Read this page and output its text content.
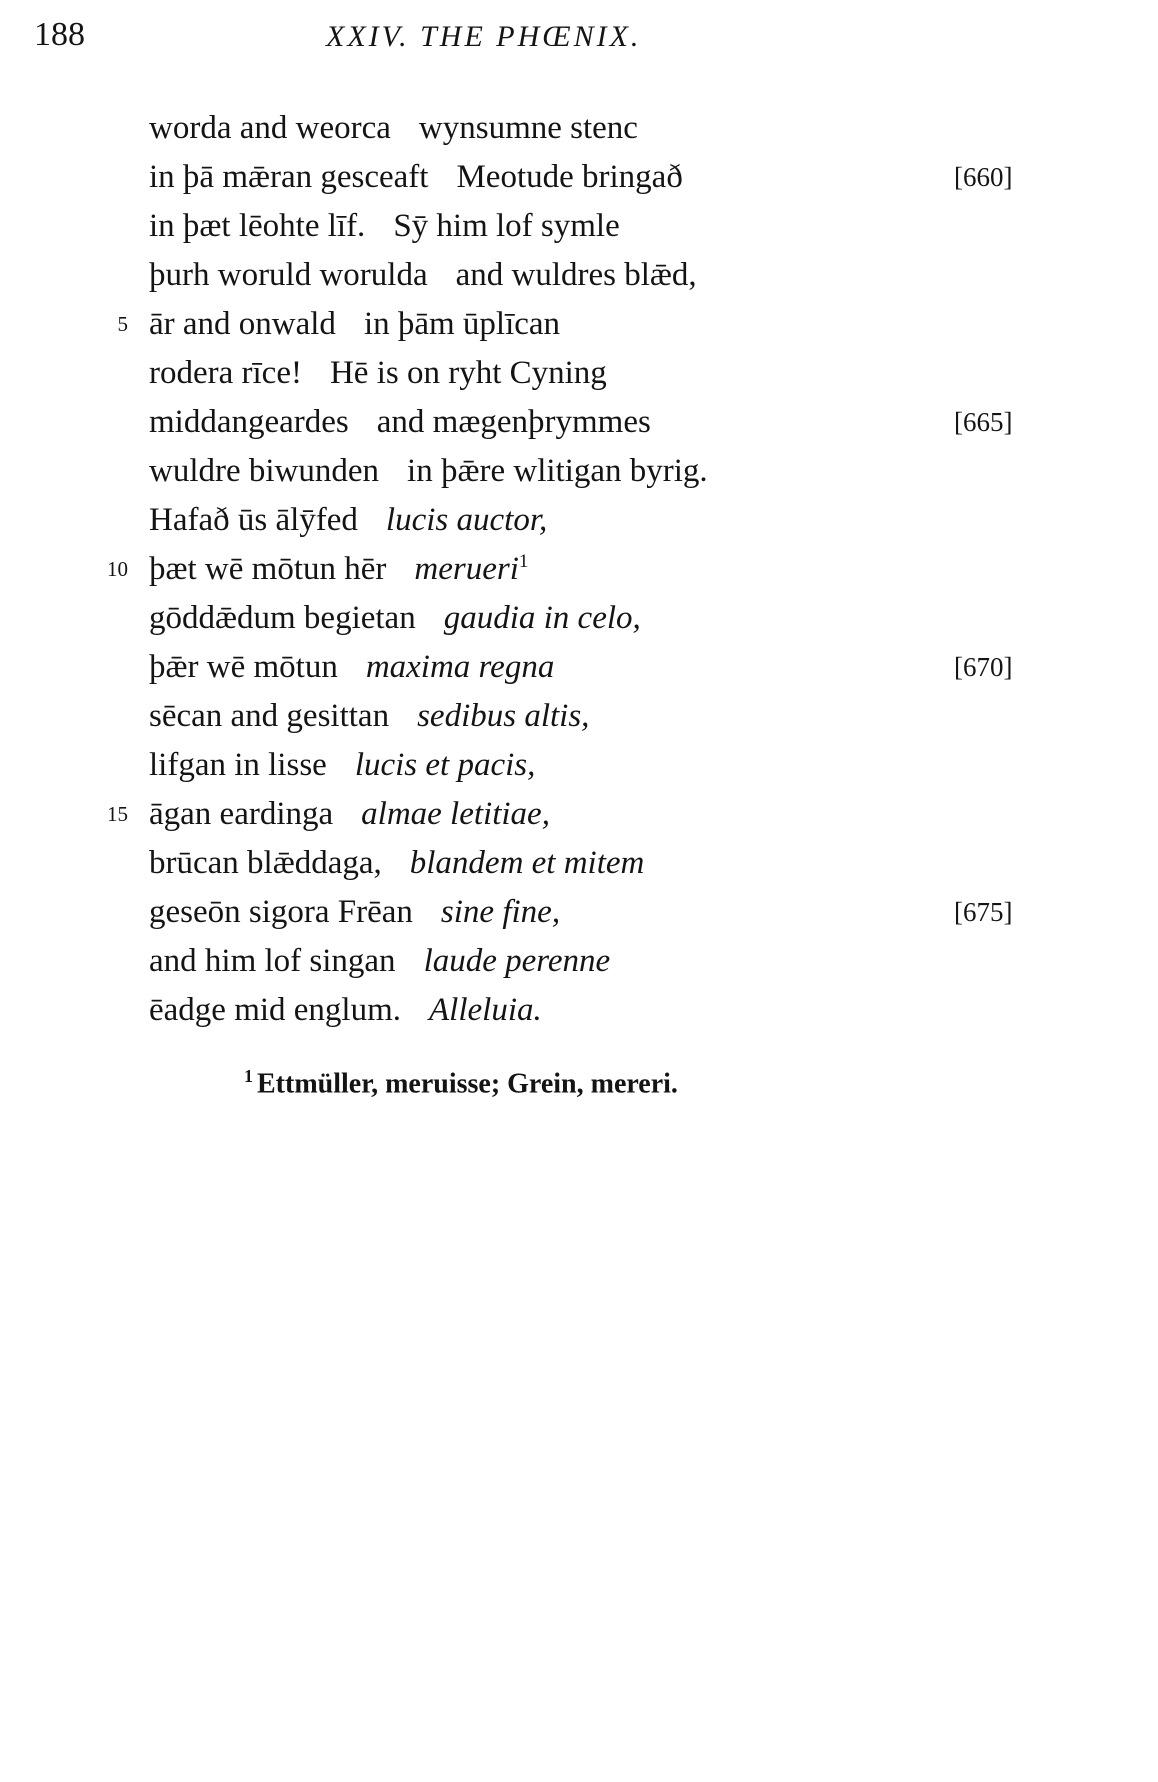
188	XXIV. THE PHŒNIX.
worda and weorca wynsumne stenc
in þā mǣran gesceaft Meotude bringað	[660]
in þæt lēohte līf. Sȳ him lof symle
þurh woruld worulda and wuldres blǣd,
5 ār and onwald in þām ūplīcan
rodera rīce! Hē is on ryht Cyning
middangeardes and mægenþrymmes	[665]
wuldre biwunden in þǣre wlitigan byrig.
Hafað ūs ālȳfed lucis auctor,
10 þæt wē mōtun hēr merueri$^1$
gōddǣdum begietan gaudia in celo,
þǣr wē mōtun maxima regna	[670]
sēcan and gesittan sedibus altis,
lifgan in lisse lucis et pacis,
15 āgan eardinga almae letitiae,
brūcan blǣddaga, blandem et mitem
geseōn sigora Frēan sine fine,	[675]
and him lof singan laude perenne
ēadge mid englum. Alleluia.
$^1$ Ettmüller, meruisse; Grein, mereri.
